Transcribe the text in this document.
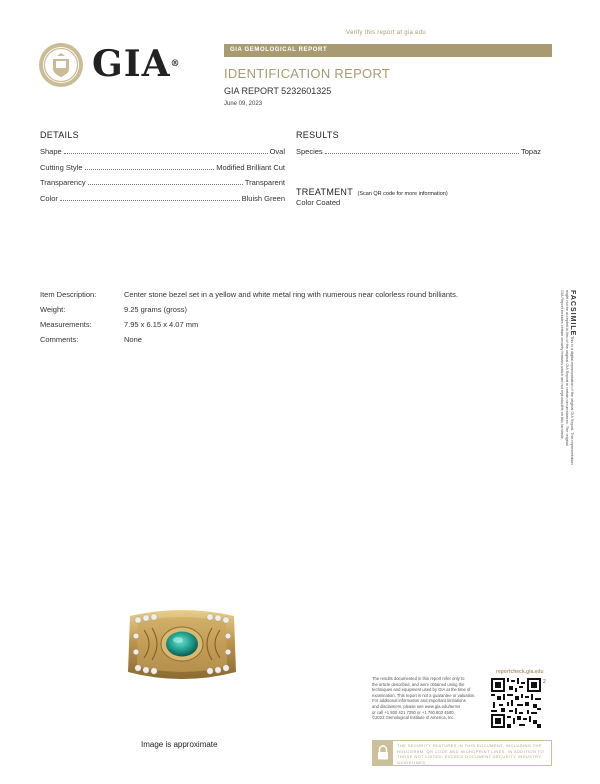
Verify this report at gia.edu
GIA®
GIA GEMOLOGICAL REPORT
IDENTIFICATION REPORT
GIA REPORT 5232601325
June 09, 2023
DETAILS
Shape	Oval
Cutting Style	Modified Brilliant Cut
Transparency	Transparent
Color	Bluish Green
RESULTS
Species	Topaz
TREATMENT (Scan QR code for more information)
Color Coated
Item Description:	Center stone bezel set in a yellow and white metal ring with numerous near colorless round brilliants.
Weight:	9.25 grams (gross)
Measurements:	7.95 x 6.15 x 4.07 mm
Comments:	None
FACSIMILE
This is a digital representation of the original GIA Report. This representation
might not be accepted in lieu of the original GIA Report in certain circumstances. The original
GIA Report includes certain security features which are not reproducible on this facsimile.
Image is approximate
reportcheck.gia.edu
The results documented in this report refer only to
the article described, and were obtained using the
techniques and equipment used by GIA at the time of
examination. This report is not a guarantee or valuation.
For additional information and important limitations
and disclaimers, please see www.gia.edu/terms
or call +1 800 421 7250 or +1 760 603 4500.
©2023 Gemological Institute of America, Inc.
2
THE SECURITY FEATURES IN THIS DOCUMENT, INCLUDING THE HOLOGRAM, QR CODE AND MICROPRINT LINES, IN ADDITION TO THOSE NOT LISTED, EXCEED DOCUMENT SECURITY INDUSTRY GUIDELINES.
